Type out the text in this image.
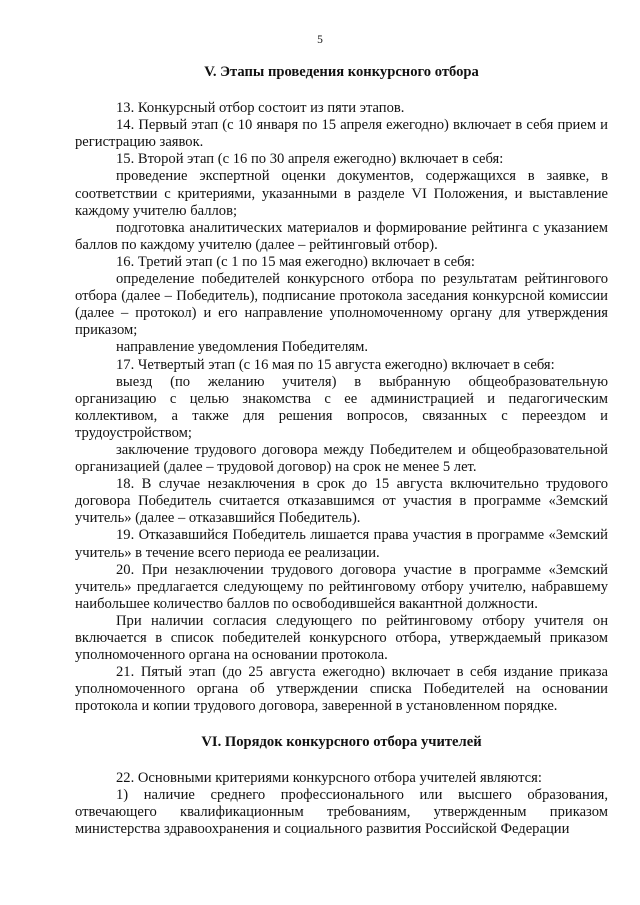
5
V. Этапы проведения конкурсного отбора

13. Конкурсный отбор состоит из пяти этапов.

14. Первый этап (с 10 января по 15 апреля ежегодно) включает в себя прием и регистрацию заявок.

15. Второй этап (с 16 по 30 апреля ежегодно) включает в себя:

проведение экспертной оценки документов, содержащихся в заявке, в соответствии с критериями, указанными в разделе VI Положения, и выставление каждому учителю баллов;

подготовка аналитических материалов и формирование рейтинга с указанием баллов по каждому учителю (далее – рейтинговый отбор).

16. Третий этап (с 1 по 15 мая ежегодно) включает в себя:

определение победителей конкурсного отбора по результатам рейтингового отбора (далее – Победитель), подписание протокола заседания конкурсной комиссии (далее – протокол) и его направление уполномоченному органу для утверждения приказом;

направление уведомления Победителям.

17. Четвертый этап (с 16 мая по 15 августа ежегодно) включает в себя:

выезд (по желанию учителя) в выбранную общеобразовательную организацию с целью знакомства с ее администрацией и педагогическим коллективом, а также для решения вопросов, связанных с переездом и трудоустройством;

заключение трудового договора между Победителем и общеобразовательной организацией (далее – трудовой договор) на срок не менее 5 лет.

18. В случае незаключения в срок до 15 августа включительно трудового договора Победитель считается отказавшимся от участия в программе «Земский учитель» (далее – отказавшийся Победитель).

19. Отказавшийся Победитель лишается права участия в программе «Земский учитель» в течение всего периода ее реализации.

20. При незаключении трудового договора участие в программе «Земский учитель» предлагается следующему по рейтинговому отбору учителю, набравшему наибольшее количество баллов по освободившейся вакантной должности.

При наличии согласия следующего по рейтинговому отбору учителя он включается в список победителей конкурсного отбора, утверждаемый приказом уполномоченного органа на основании протокола.

21. Пятый этап (до 25 августа ежегодно) включает в себя издание приказа уполномоченного органа об утверждении списка Победителей на основании протокола и копии трудового договора, заверенной в установленном порядке.

VI. Порядок конкурсного отбора учителей

22. Основными критериями конкурсного отбора учителей являются:

1) наличие среднего профессионального или высшего образования, отвечающего квалификационным требованиям, утвержденным приказом министерства здравоохранения и социального развития Российской Федерации
